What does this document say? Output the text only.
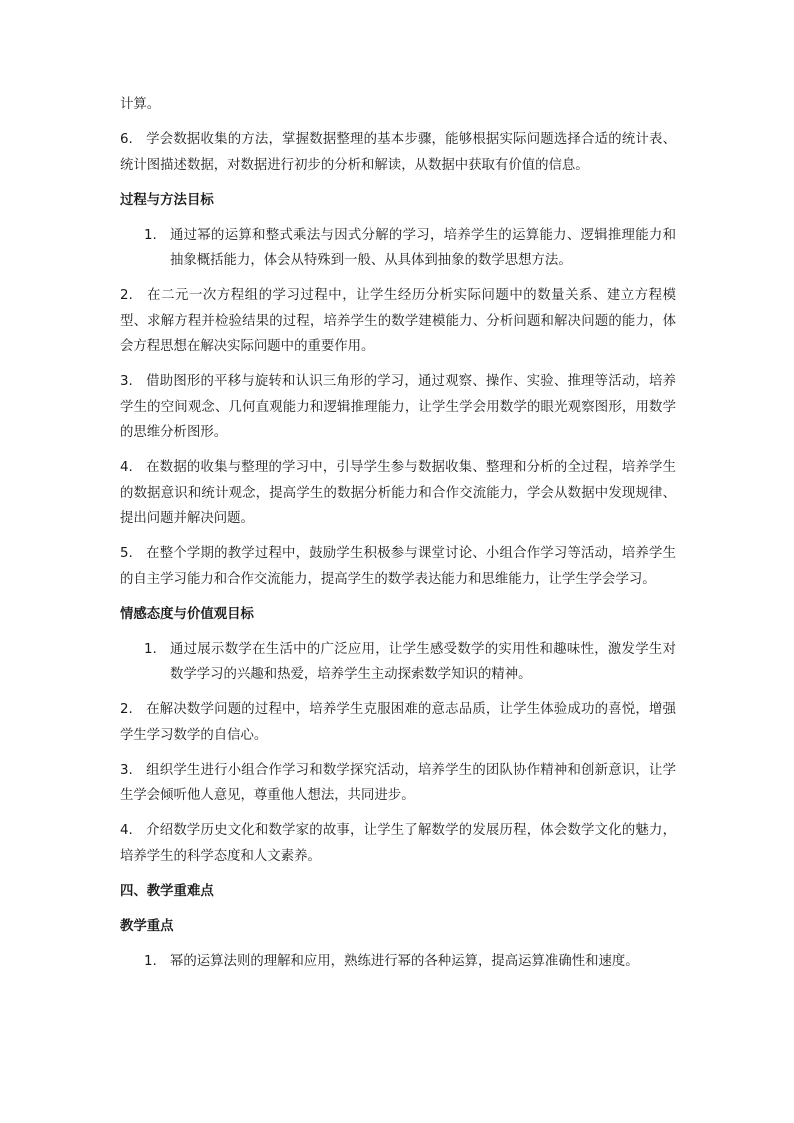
计算。
6. 学会数据收集的方法，掌握数据整理的基本步骤，能够根据实际问题选择合适的统计表、统计图描述数据，对数据进行初步的分析和解读，从数据中获取有价值的信息。
过程与方法目标
1. 通过幂的运算和整式乘法与因式分解的学习，培养学生的运算能力、逻辑推理能力和抽象概括能力，体会从特殊到一般、从具体到抽象的数学思想方法。
2. 在二元一次方程组的学习过程中，让学生经历分析实际问题中的数量关系、建立方程模型、求解方程并检验结果的过程，培养学生的数学建模能力、分析问题和解决问题的能力，体会方程思想在解决实际问题中的重要作用。
3. 借助图形的平移与旋转和认识三角形的学习，通过观察、操作、实验、推理等活动，培养学生的空间观念、几何直观能力和逻辑推理能力，让学生学会用数学的眼光观察图形，用数学的思维分析图形。
4. 在数据的收集与整理的学习中，引导学生参与数据收集、整理和分析的全过程，培养学生的数据意识和统计观念，提高学生的数据分析能力和合作交流能力，学会从数据中发现规律、提出问题并解决问题。
5. 在整个学期的教学过程中，鼓励学生积极参与课堂讨论、小组合作学习等活动，培养学生的自主学习能力和合作交流能力，提高学生的数学表达能力和思维能力，让学生学会学习。
情感态度与价值观目标
1. 通过展示数学在生活中的广泛应用，让学生感受数学的实用性和趣味性，激发学生对数学学习的兴趣和热爱，培养学生主动探索数学知识的精神。
2. 在解决数学问题的过程中，培养学生克服困难的意志品质，让学生体验成功的喜悦，增强学生学习数学的自信心。
3. 组织学生进行小组合作学习和数学探究活动，培养学生的团队协作精神和创新意识，让学生学会倾听他人意见，尊重他人想法，共同进步。
4. 介绍数学历史文化和数学家的故事，让学生了解数学的发展历程，体会数学文化的魅力，培养学生的科学态度和人文素养。
四、教学重难点
教学重点
1. 幂的运算法则的理解和应用，熟练进行幂的各种运算，提高运算准确性和速度。
